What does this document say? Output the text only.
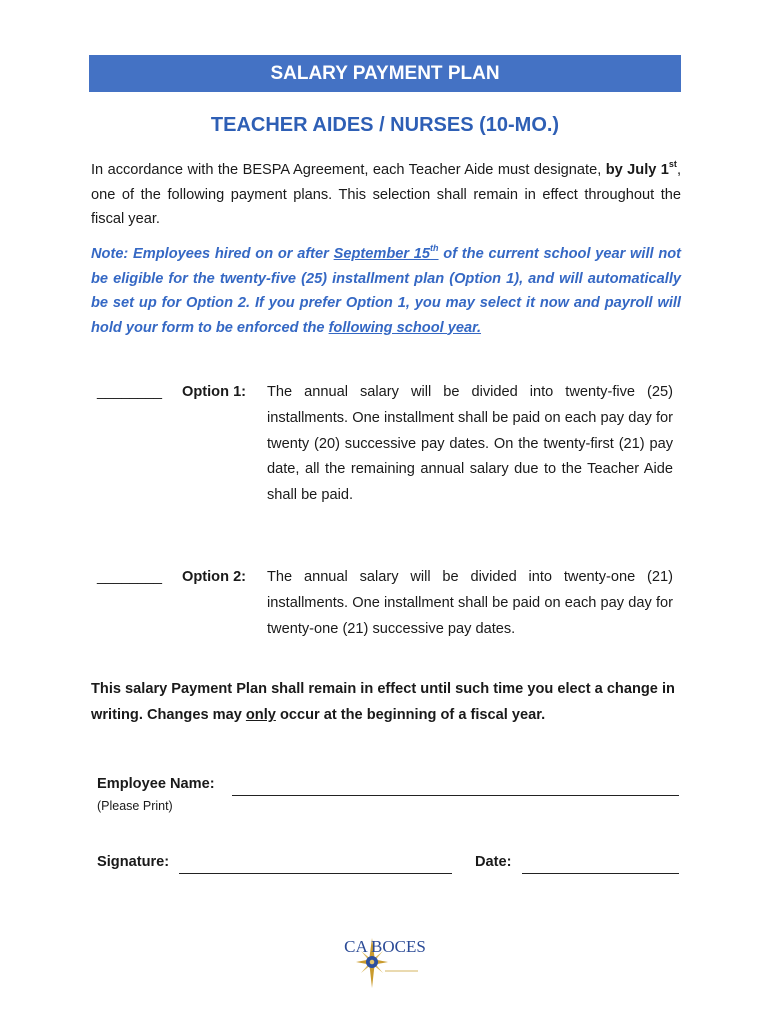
SALARY PAYMENT PLAN
TEACHER AIDES / NURSES (10-MO.)
In accordance with the BESPA Agreement, each Teacher Aide must designate, by July 1st, one of the following payment plans. This selection shall remain in effect throughout the fiscal year.
Note: Employees hired on or after September 15th of the current school year will not be eligible for the twenty-five (25) installment plan (Option 1), and will automatically be set up for Option 2. If you prefer Option 1, you may select it now and payroll will hold your form to be enforced the following school year.
________	Option 1:	The annual salary will be divided into twenty-five (25) installments. One installment shall be paid on each pay day for twenty (20) successive pay dates. On the twenty-first (21) pay date, all the remaining annual salary due to the Teacher Aide shall be paid.
________	Option 2:	The annual salary will be divided into twenty-one (21) installments. One installment shall be paid on each pay day for twenty-one (21) successive pay dates.
This salary Payment Plan shall remain in effect until such time you elect a change in writing. Changes may only occur at the beginning of a fiscal year.
Employee Name:
(Please Print)
Signature:	Date:
CA BOCES
